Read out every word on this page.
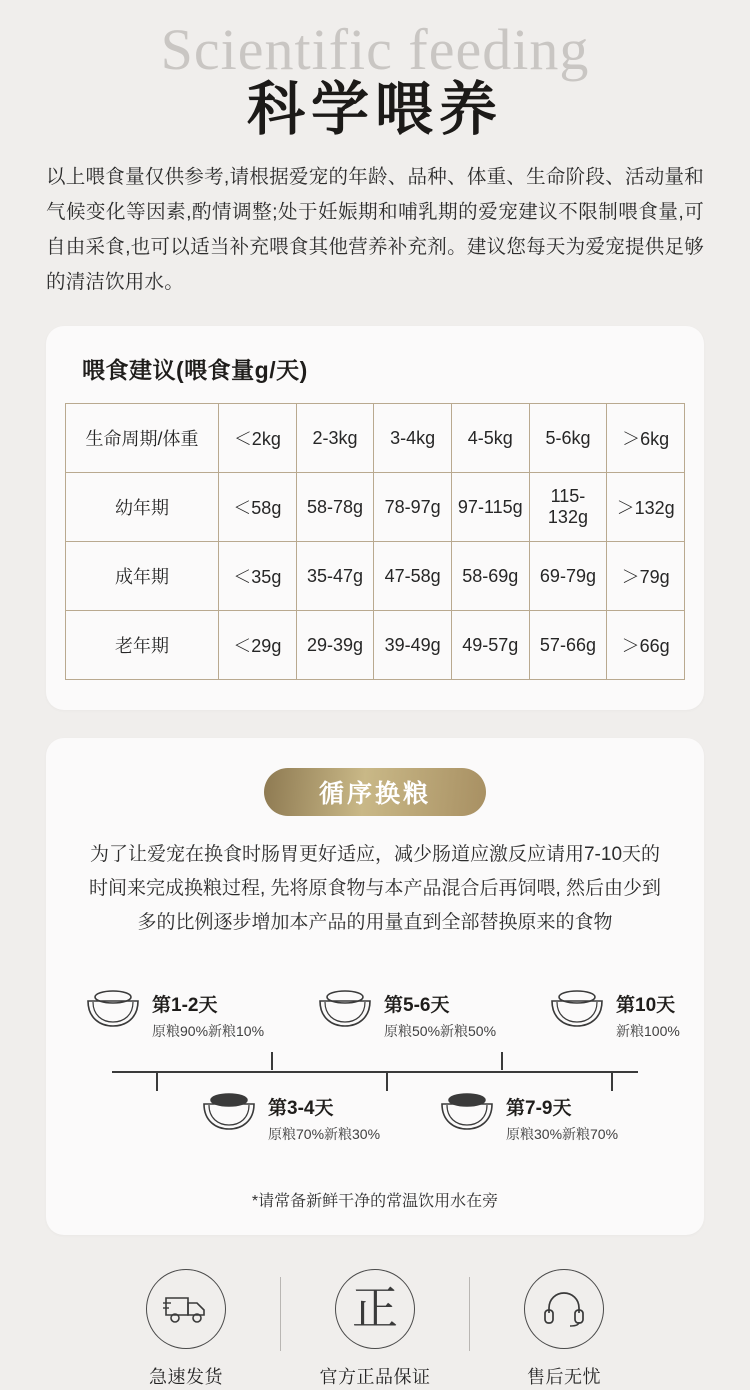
Scientific feeding
科学喂养
以上喂食量仅供参考,请根据爱宠的年龄、品种、体重、生命阶段、活动量和气候变化等因素,酌情调整;处于妊娠期和哺乳期的爱宠建议不限制喂食量,可自由采食,也可以适当补充喂食其他营养补充剂。建议您每天为爱宠提供足够的清洁饮用水。
喂食建议(喂食量g/天)
生命周期/体重	＜2kg	2-3kg	3-4kg	4-5kg	5-6kg	＞6kg
幼年期	＜58g	58-78g	78-97g	97-115g	115-132g	＞132g
成年期	＜35g	35-47g	47-58g	58-69g	69-79g	＞79g
老年期	＜29g	29-39g	39-49g	49-57g	57-66g	＞66g
循序换粮
为了让爱宠在换食时肠胃更好适应，减少肠道应激反应请用7-10天的时间来完成换粮过程, 先将原食物与本产品混合后再饲喂, 然后由少到多的比例逐步增加本产品的用量直到全部替换原来的食物
第1-2天
原粮90%新粮10%
第5-6天
原粮50%新粮50%
第10天
新粮100%
第3-4天
原粮70%新粮30%
第7-9天
原粮30%新粮70%
*请常备新鲜干净的常温饮用水在旁
急速发货
正
官方正品保证	售后无忧
